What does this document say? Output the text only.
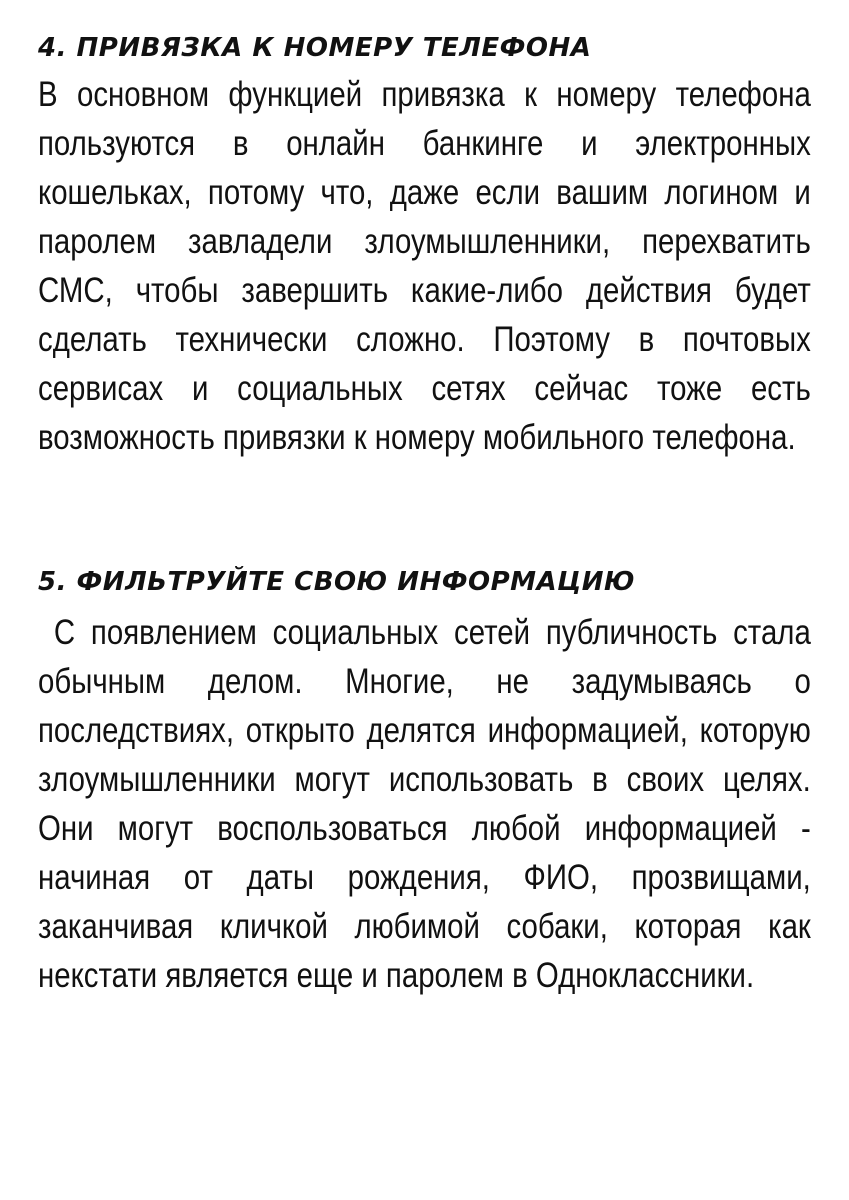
4. ПРИВЯЗКА К НОМЕРУ ТЕЛЕФОНА

В основном функцией привязка к номеру телефона пользуются в онлайн банкинге и электронных кошельках, потому что, даже если вашим логином и паролем завладели злоумышленники, перехватить СМС, чтобы завершить какие-либо действия будет сделать технически сложно. Поэтому в почтовых сервисах и социальных сетях сейчас тоже есть возможность привязки к номеру мобильного телефона.

5. ФИЛЬТРУЙТЕ СВОЮ ИНФОРМАЦИЮ

С появлением социальных сетей публичность стала обычным делом. Многие, не задумываясь о последствиях, открыто делятся информацией, которую злоумышленники могут использовать в своих целях. Они могут воспользоваться любой информацией - начиная от даты рождения, ФИО, прозвищами, заканчивая кличкой любимой собаки, которая как некстати является еще и паролем в Одноклассники.
